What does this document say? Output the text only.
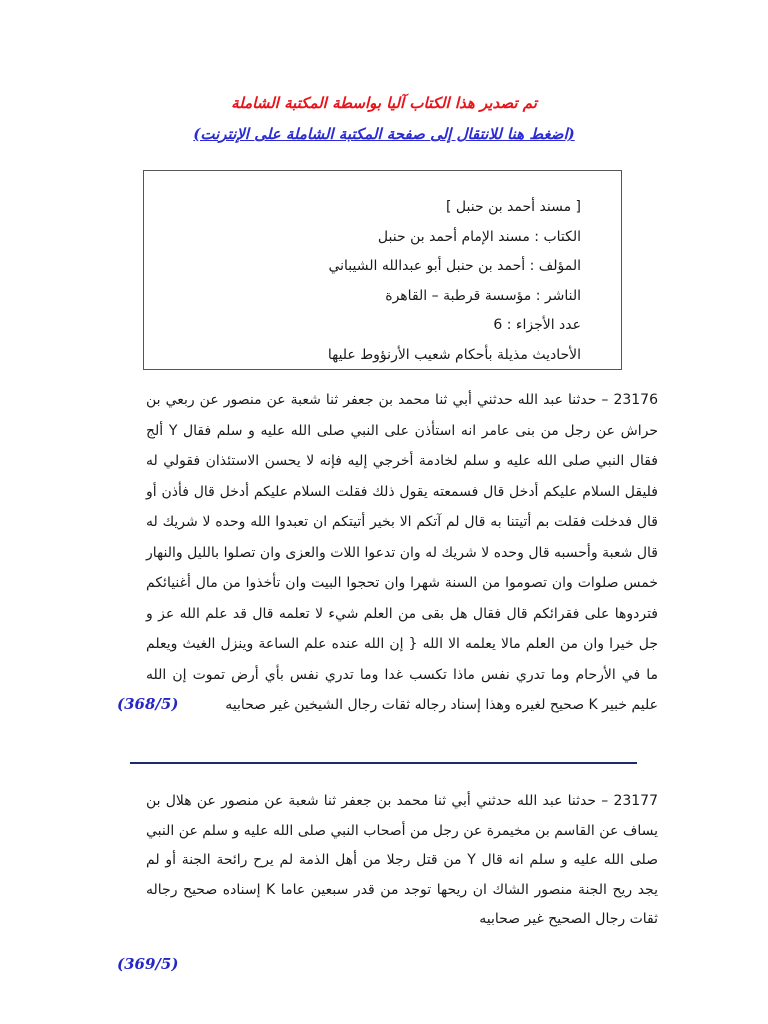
تم تصدير هذا الكتاب آليا بواسطة المكتبة الشاملة
(اضغط هنا للانتقال إلى صفحة المكتبة الشاملة على الإنترنت)
[ مسند أحمد بن حنبل ]
الكتاب : مسند الإمام أحمد بن حنبل
المؤلف : أحمد بن حنبل أبو عبدالله الشيباني
الناشر : مؤسسة قرطبة – القاهرة
عدد الأجزاء : 6
الأحاديث مذيلة بأحكام شعيب الأرنؤوط عليها
23176 – حدثنا عبد الله حدثني أبي ثنا محمد بن جعفر ثنا شعبة عن منصور عن ربعي بن حراش عن رجل من بنى عامر انه استأذن على النبي صلى الله عليه و سلم فقال Y ألج فقال النبي صلى الله عليه و سلم لخادمة أخرجي إليه فإنه لا يحسن الاستئذان فقولي له فليقل السلام عليكم أدخل قال فسمعته يقول ذلك فقلت السلام عليكم أدخل قال فأذن أو قال فدخلت فقلت بم أتيتنا به قال لم آتكم الا بخير أتيتكم ان تعبدوا الله وحده لا شريك له قال شعبة وأحسبه قال وحده لا شريك له وان تدعوا اللات والعزى وان تصلوا بالليل والنهار خمس صلوات وان تصوموا من السنة شهرا وان تحجوا البيت وان تأخذوا من مال أغنيائكم فتردوها على فقرائكم قال فقال هل بقى من العلم شيء لا تعلمه قال قد علم الله عز و جل خيرا وان من العلم مالا يعلمه الا الله { إن الله عنده علم الساعة وينزل الغيث ويعلم ما في الأرحام وما تدري نفس ماذا تكسب غدا وما تدري نفس بأي أرض تموت إن الله عليم خبير K صحيح لغيره وهذا إسناد رجاله ثقات رجال الشيخين غير صحابيه
(368/5)
23177 – حدثنا عبد الله حدثني أبي ثنا محمد بن جعفر ثنا شعبة عن منصور عن هلال بن يساف عن القاسم بن مخيمرة عن رجل من أصحاب النبي صلى الله عليه و سلم عن النبي صلى الله عليه و سلم انه قال Y من قتل رجلا من أهل الذمة لم يرح رائحة الجنة أو لم يجد ريح الجنة منصور الشاك ان ريحها توجد من قدر سبعين عاما K إسناده صحيح رجاله ثقات رجال الصحيح غير صحابيه
(369/5)
